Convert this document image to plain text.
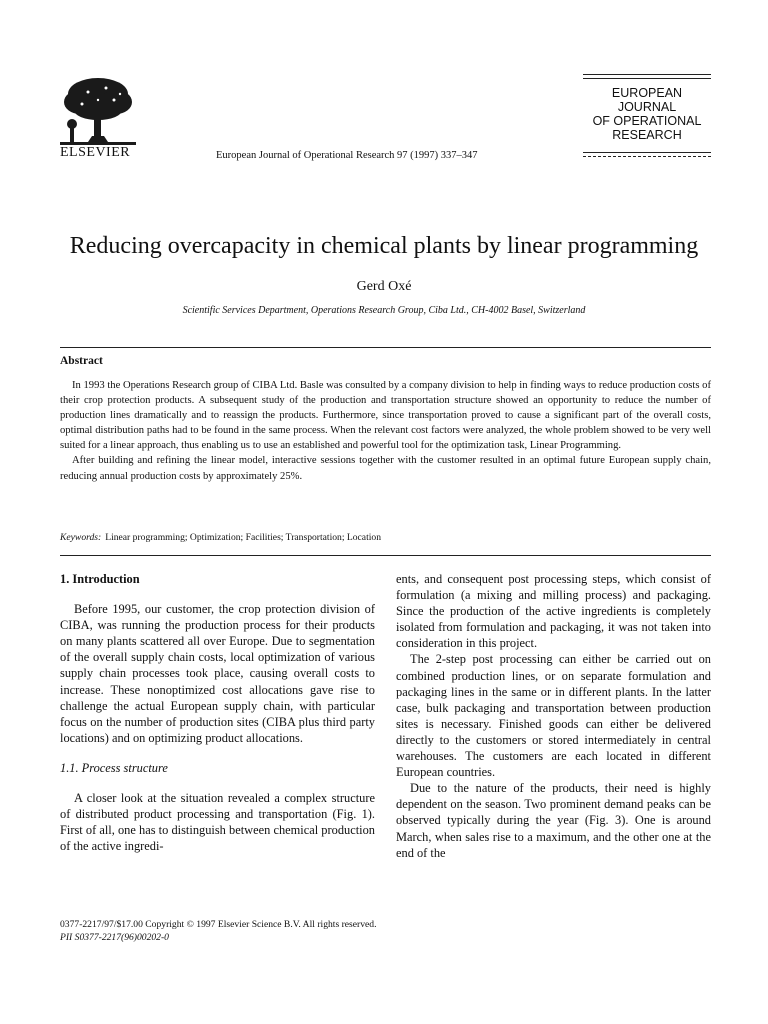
ELSEVIER	European Journal of Operational Research 97 (1997) 337–347
EUROPEAN
JOURNAL
OF OPERATIONAL
RESEARCH
Reducing overcapacity in chemical plants by linear programming
Gerd Oxé
Scientific Services Department, Operations Research Group, Ciba Ltd., CH-4002 Basel, Switzerland
Abstract

In 1993 the Operations Research group of CIBA Ltd. Basle was consulted by a company division to help in finding ways to reduce production costs of their crop protection products. A subsequent study of the production and transportation structure showed an opportunity to reduce the number of production lines dramatically and to reassign the products. Furthermore, since transportation proved to cause a significant part of the overall costs, optimal distribution paths had to be found in the same process. When the relevant cost factors were analyzed, the whole problem showed to be very well suited for a linear approach, thus enabling us to use an established and powerful tool for the optimization task, Linear Programming.

After building and refining the linear model, interactive sessions together with the customer resulted in an optimal future European supply chain, reducing annual production costs by approximately 25%.

Keywords: Linear programming; Optimization; Facilities; Transportation; Location
1. Introduction

Before 1995, our customer, the crop protection division of CIBA, was running the production process for their products on many plants scattered all over Europe. Due to segmentation of the overall supply chain costs, local optimization of various supply chain processes took place, causing overall costs to increase. These nonoptimized cost allocations gave rise to challenge the actual European supply chain, with particular focus on the number of production sites (CIBA plus third party locations) and on optimizing product allocations.

1.1. Process structure

A closer look at the situation revealed a complex structure of distributed product processing and transportation (Fig. 1). First of all, one has to distinguish between chemical production of the active ingredi-

ents, and consequent post processing steps, which consist of formulation (a mixing and milling process) and packaging. Since the production of the active ingredients is completely isolated from formulation and packaging, it was not taken into consideration in this project.

The 2-step post processing can either be carried out on combined production lines, or on separate formulation and packaging lines in the same or in different plants. In the latter case, bulk packaging and transportation between production sites is necessary. Finished goods can either be delivered directly to the customers or stored intermediately in central warehouses. The customers are each located in different European countries.

Due to the nature of the products, their need is highly dependent on the season. Two prominent demand peaks can be observed typically during the year (Fig. 3). One is around March, when sales rise to a maximum, and the other one at the end of the

0377-2217/97/$17.00 Copyright © 1997 Elsevier Science B.V. All rights reserved.
PII S0377-2217(96)00202-0
